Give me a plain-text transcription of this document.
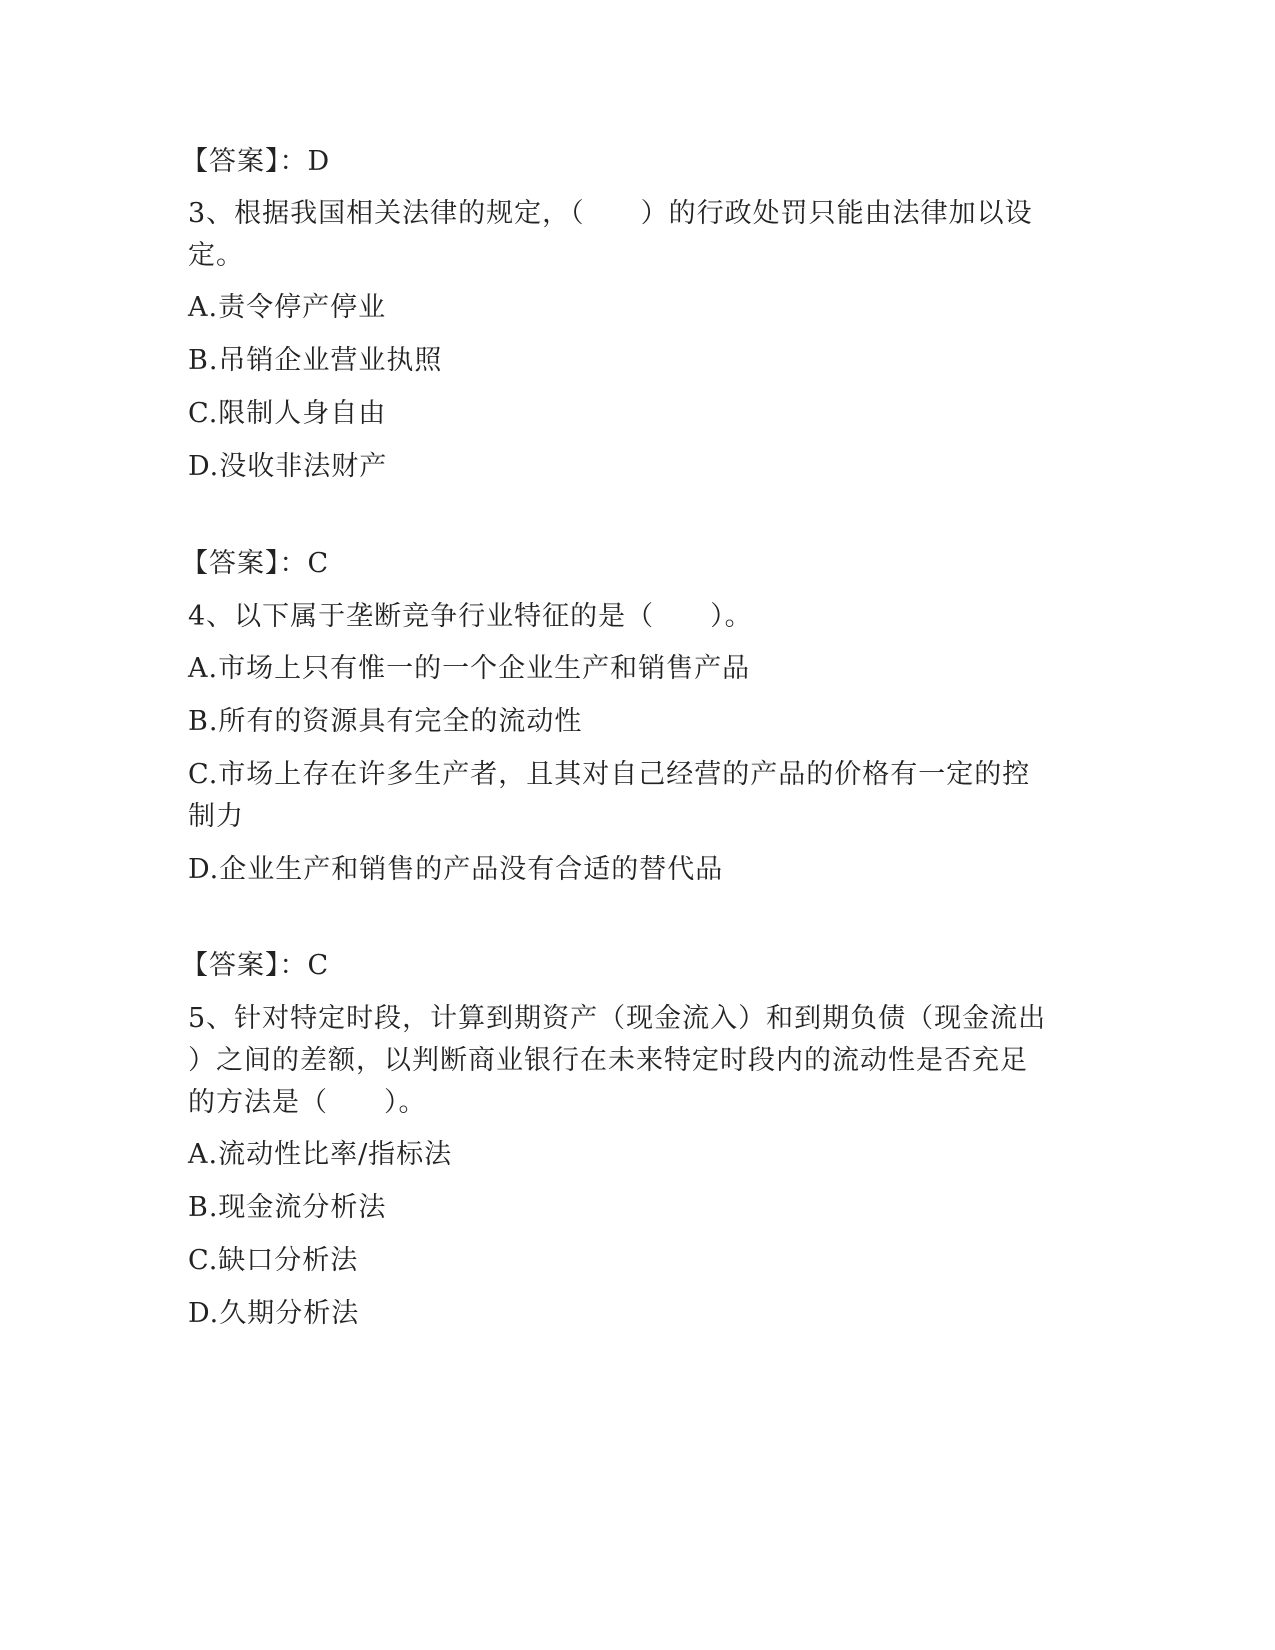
【答案】：D
3、根据我国相关法律的规定，（　　）的行政处罚只能由法律加以设
定。
A.责令停产停业
B.吊销企业营业执照
C.限制人身自由
D.没收非法财产
【答案】：C
4、以下属于垄断竞争行业特征的是（　　）。
A.市场上只有惟一的一个企业生产和销售产品
B.所有的资源具有完全的流动性
C.市场上存在许多生产者，且其对自己经营的产品的价格有一定的控
制力
D.企业生产和销售的产品没有合适的替代品
【答案】：C
5、针对特定时段，计算到期资产（现金流入）和到期负债（现金流出
）之间的差额，以判断商业银行在未来特定时段内的流动性是否充足
的方法是（　　）。
A.流动性比率/指标法
B.现金流分析法
C.缺口分析法
D.久期分析法
